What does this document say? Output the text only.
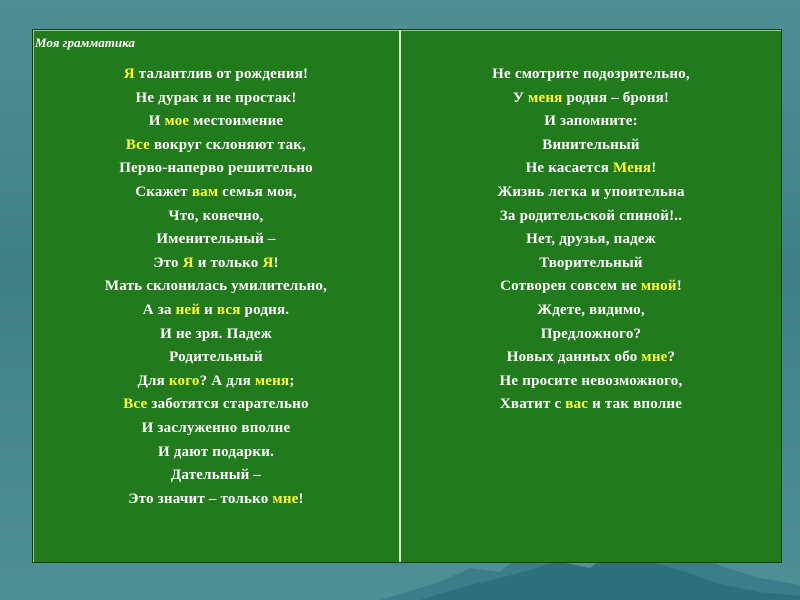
Моя грамматика
Я талантлив от рождения!
Не дурак и не простак!
И мое местоимение
Все вокруг склоняют так,
Перво-наперво решительно
Скажет вам семья моя,
Что, конечно,
Именительный –
Это Я и только Я!
Мать склонилась умилительно,
А за ней и вся родня.
И не зря. Падеж
Родительный
Для кого? А для меня;
Все заботятся старательно
И заслуженно вполне
И дают подарки.
Дательный –
Это значит – только мне!
Не смотрите подозрительно,
У меня родня – броня!
И запомните:
Винительный
Не касается Меня!
Жизнь легка и упоительна
За родительской спиной!..
Нет, друзья, падеж
Творительный
Сотворен совсем не мной!
Ждете, видимо,
Предложного?
Новых данных обо мне?
Не просите невозможного,
Хватит с вас и так вполне
